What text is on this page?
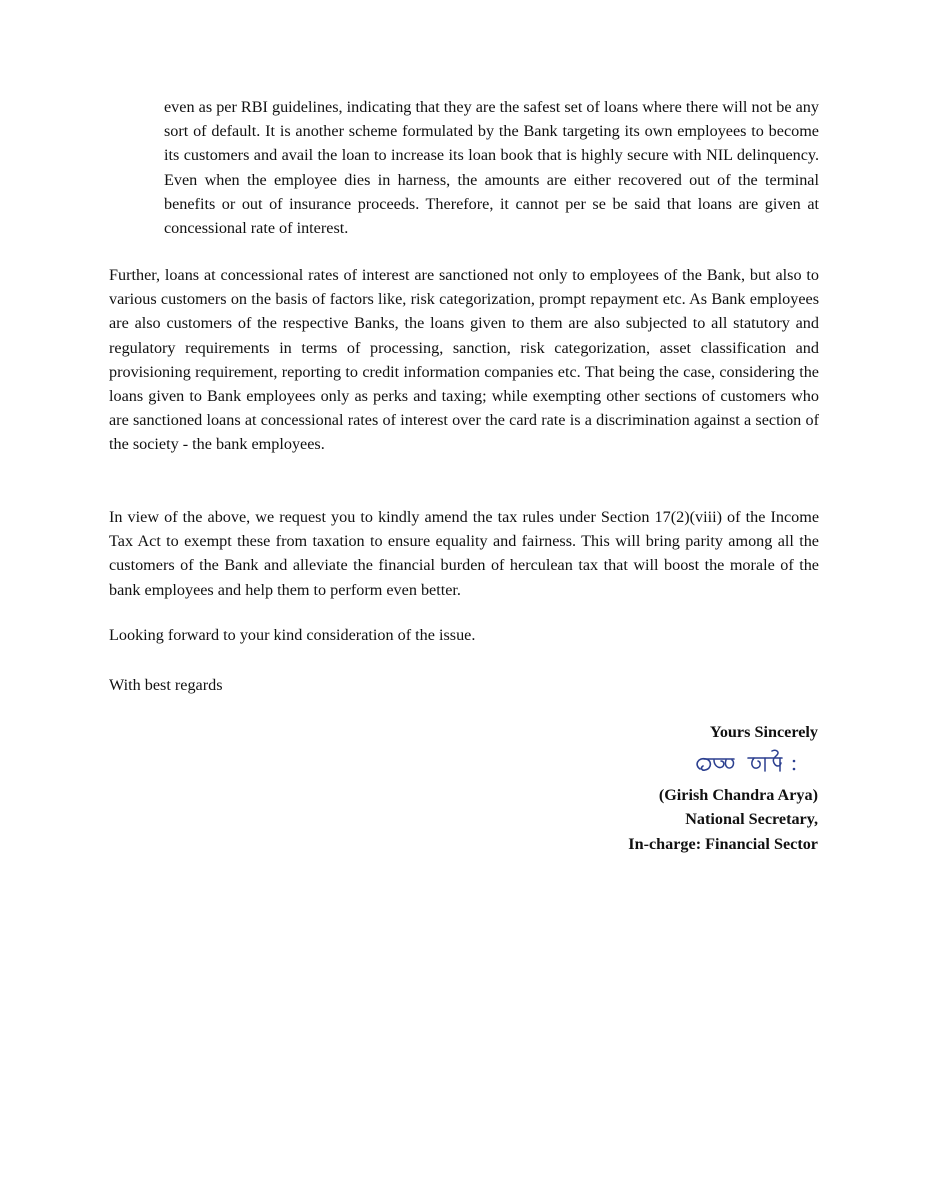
even as per RBI guidelines, indicating that they are the safest set of loans where there will not be any sort of default. It is another scheme formulated by the Bank targeting its own employees to become its customers and avail the loan to increase its loan book that is highly secure with NIL delinquency. Even when the employee dies in harness, the amounts are either recovered out of the terminal benefits or out of insurance proceeds. Therefore, it cannot per se be said that loans are given at concessional rate of interest.

Further, loans at concessional rates of interest are sanctioned not only to employees of the Bank, but also to various customers on the basis of factors like, risk categorization, prompt repayment etc. As Bank employees are also customers of the respective Banks, the loans given to them are also subjected to all statutory and regulatory requirements in terms of processing, sanction, risk categorization, asset classification and provisioning requirement, reporting to credit information companies etc. That being the case, considering the loans given to Bank employees only as perks and taxing; while exempting other sections of customers who are sanctioned loans at concessional rates of interest over the card rate is a discrimination against a section of the society - the bank employees.

In view of the above, we request you to kindly amend the tax rules under Section 17(2)(viii) of the Income Tax Act to exempt these from taxation to ensure equality and fairness. This will bring parity among all the customers of the Bank and alleviate the financial burden of herculean tax that will boost the morale of the bank employees and help them to perform even better.

Looking forward to your kind consideration of the issue.

With best regards

Yours Sincerely
(Girish Chandra Arya)
National Secretary,
In-charge: Financial Sector
